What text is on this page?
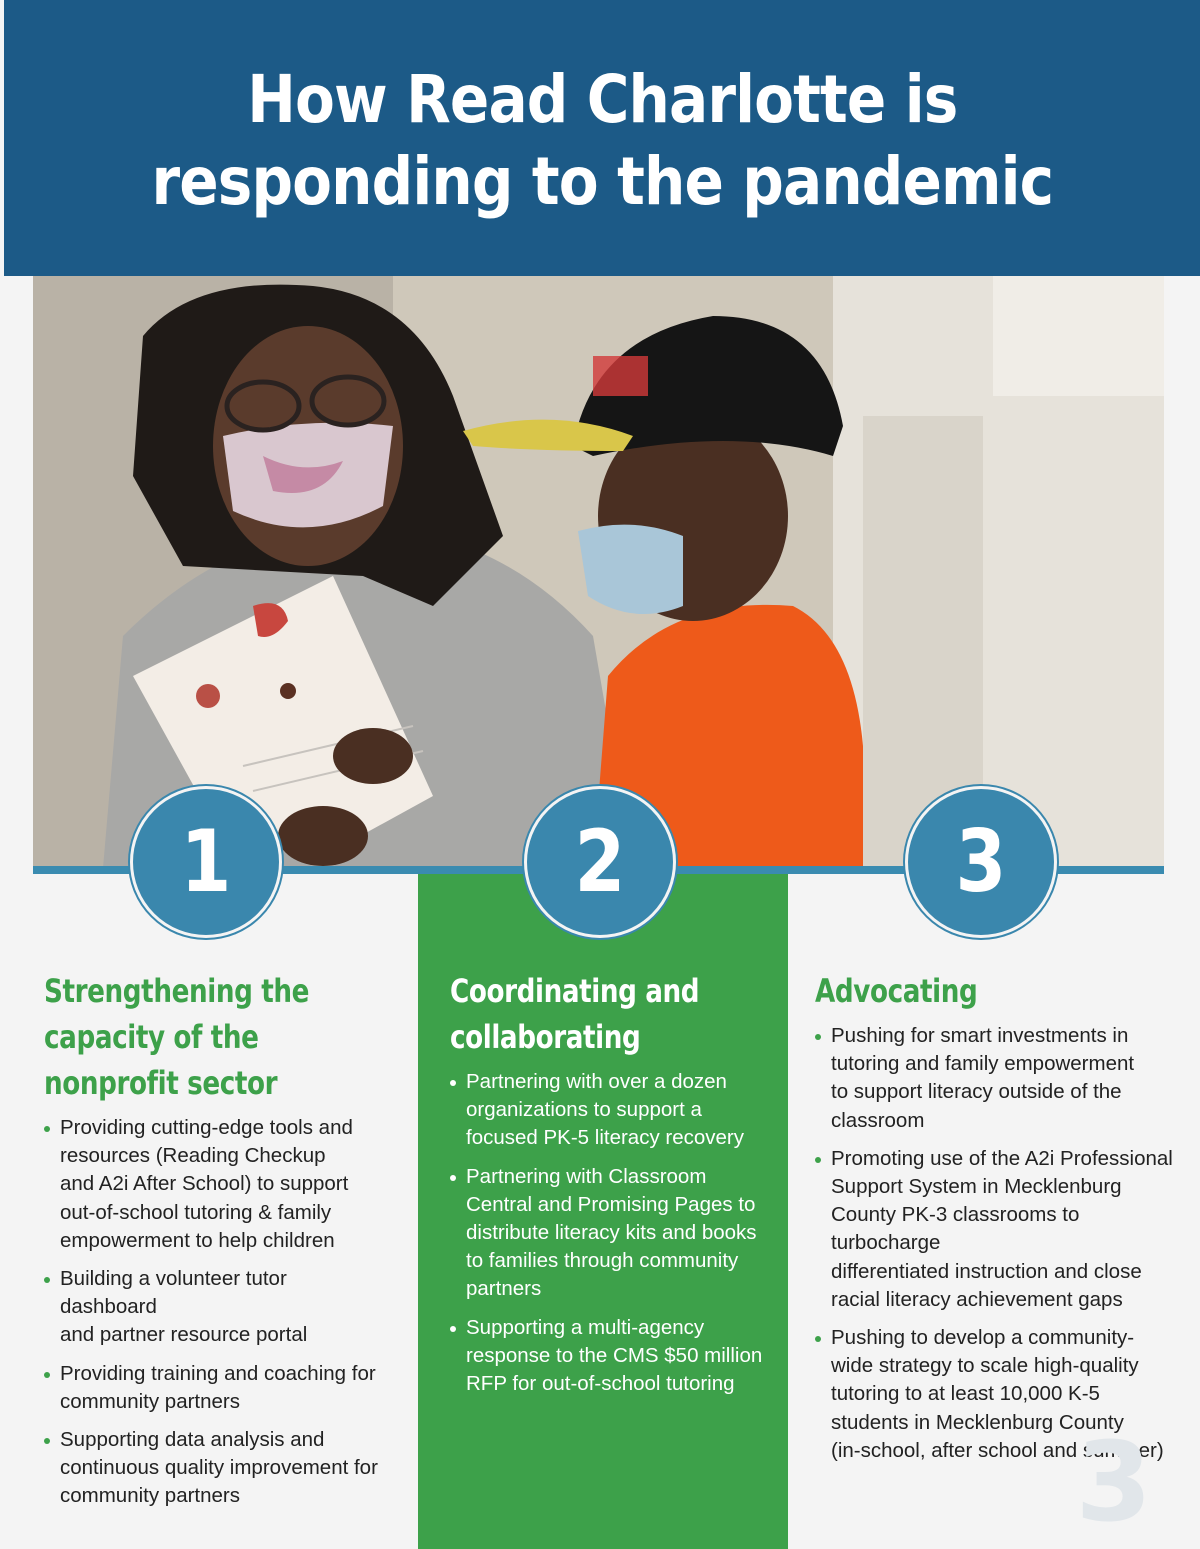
How Read Charlotte is
responding to the pandemic
1	2	3
Strengthening the
capacity of the
nonprofit sector
Providing cutting-edge tools and
resources (Reading Checkup
and A2i After School) to support
out-of-school tutoring & family
empowerment to help children
Building a volunteer tutor dashboard
and partner resource portal
Providing training and coaching for
community partners
Supporting data analysis and
continuous quality improvement for
community partners
Coordinating and
collaborating
Partnering with over a dozen
organizations to support a
focused PK-5 literacy recovery
Partnering with Classroom
Central and Promising Pages to
distribute literacy kits and books
to families through community
partners
Supporting a multi-agency
response to the CMS $50 million
RFP for out-of-school tutoring
Advocating
Pushing for smart investments in
tutoring and family empowerment
to support literacy outside of the
classroom
Promoting use of the A2i Professional
Support System in Mecklenburg
County PK-3 classrooms to turbocharge
differentiated instruction and close
racial literacy achievement gaps
Pushing to develop a community-
wide strategy to scale high-quality
tutoring to at least 10,000 K-5
students in Mecklenburg County
(in-school, after school and summer)
3
